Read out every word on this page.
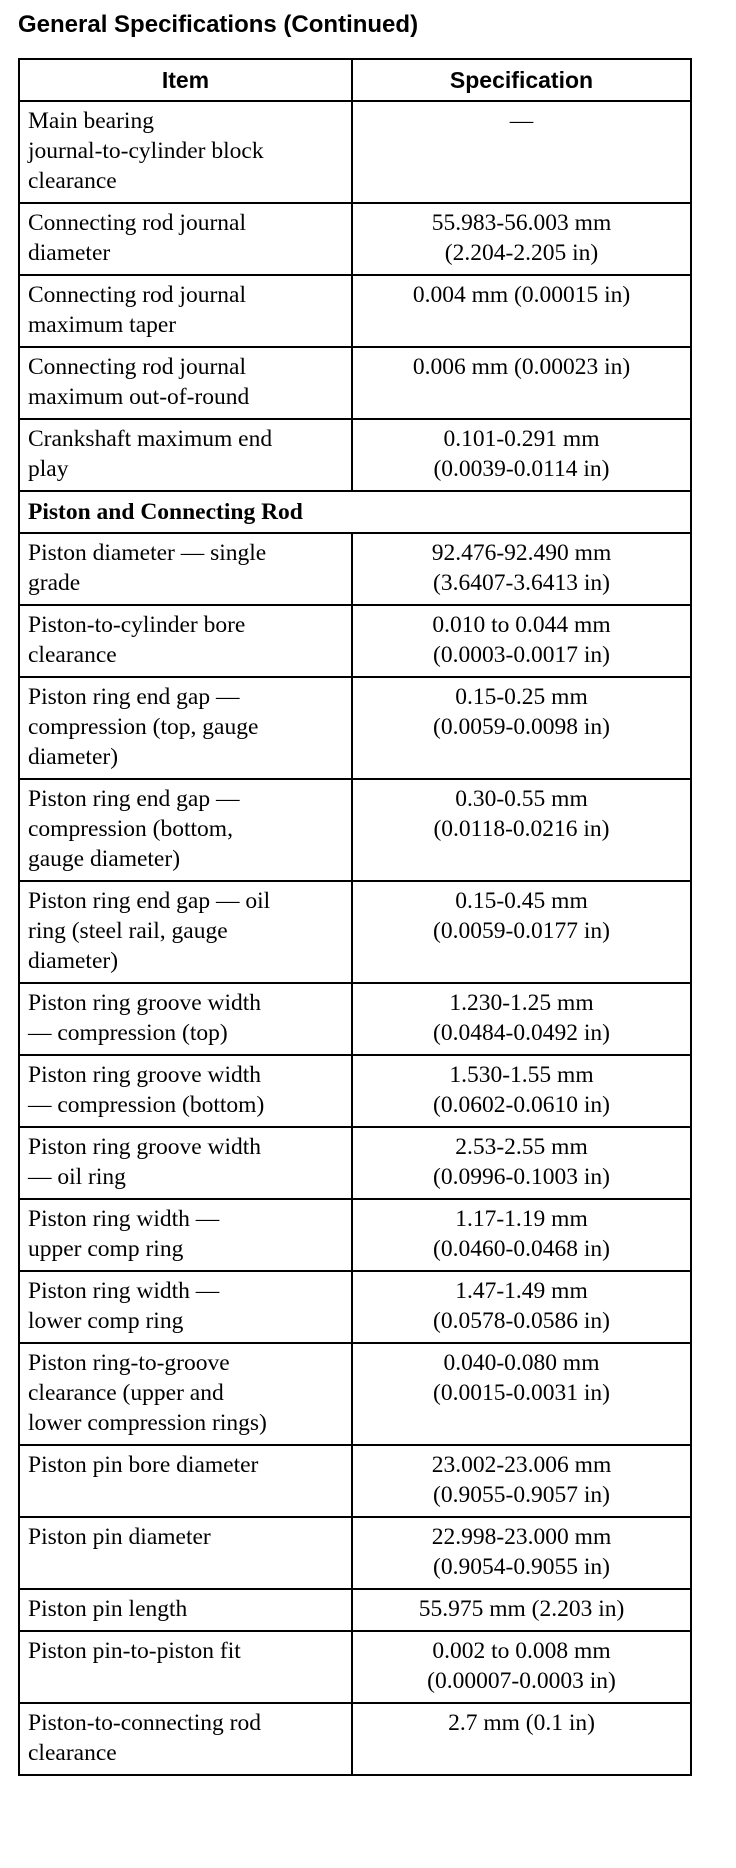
General Specifications (Continued)
Item	Specification
Main bearing
journal-to-cylinder block
clearance	—
Connecting rod journal
diameter	55.983-56.003 mm
(2.204-2.205 in)
Connecting rod journal
maximum taper	0.004 mm (0.00015 in)
Connecting rod journal
maximum out-of-round	0.006 mm (0.00023 in)
Crankshaft maximum end
play	0.101-0.291 mm
(0.0039-0.0114 in)
Piston and Connecting Rod	
Piston diameter — single
grade	92.476-92.490 mm
(3.6407-3.6413 in)
Piston-to-cylinder bore
clearance	0.010 to 0.044 mm
(0.0003-0.0017 in)
Piston ring end gap —
compression (top, gauge
diameter)	0.15-0.25 mm
(0.0059-0.0098 in)
Piston ring end gap —
compression (bottom,
gauge diameter)	0.30-0.55 mm
(0.0118-0.0216 in)
Piston ring end gap — oil
ring (steel rail, gauge
diameter)	0.15-0.45 mm
(0.0059-0.0177 in)
Piston ring groove width
— compression (top)	1.230-1.25 mm
(0.0484-0.0492 in)
Piston ring groove width
— compression (bottom)	1.530-1.55 mm
(0.0602-0.0610 in)
Piston ring groove width
— oil ring	2.53-2.55 mm
(0.0996-0.1003 in)
Piston ring width —
upper comp ring	1.17-1.19 mm
(0.0460-0.0468 in)
Piston ring width —
lower comp ring	1.47-1.49 mm
(0.0578-0.0586 in)
Piston ring-to-groove
clearance (upper and
lower compression rings)	0.040-0.080 mm
(0.0015-0.0031 in)
Piston pin bore diameter	23.002-23.006 mm
(0.9055-0.9057 in)
Piston pin diameter	22.998-23.000 mm
(0.9054-0.9055 in)
Piston pin length	55.975 mm (2.203 in)
Piston pin-to-piston fit	0.002 to 0.008 mm
(0.00007-0.0003 in)
Piston-to-connecting rod
clearance	2.7 mm (0.1 in)
